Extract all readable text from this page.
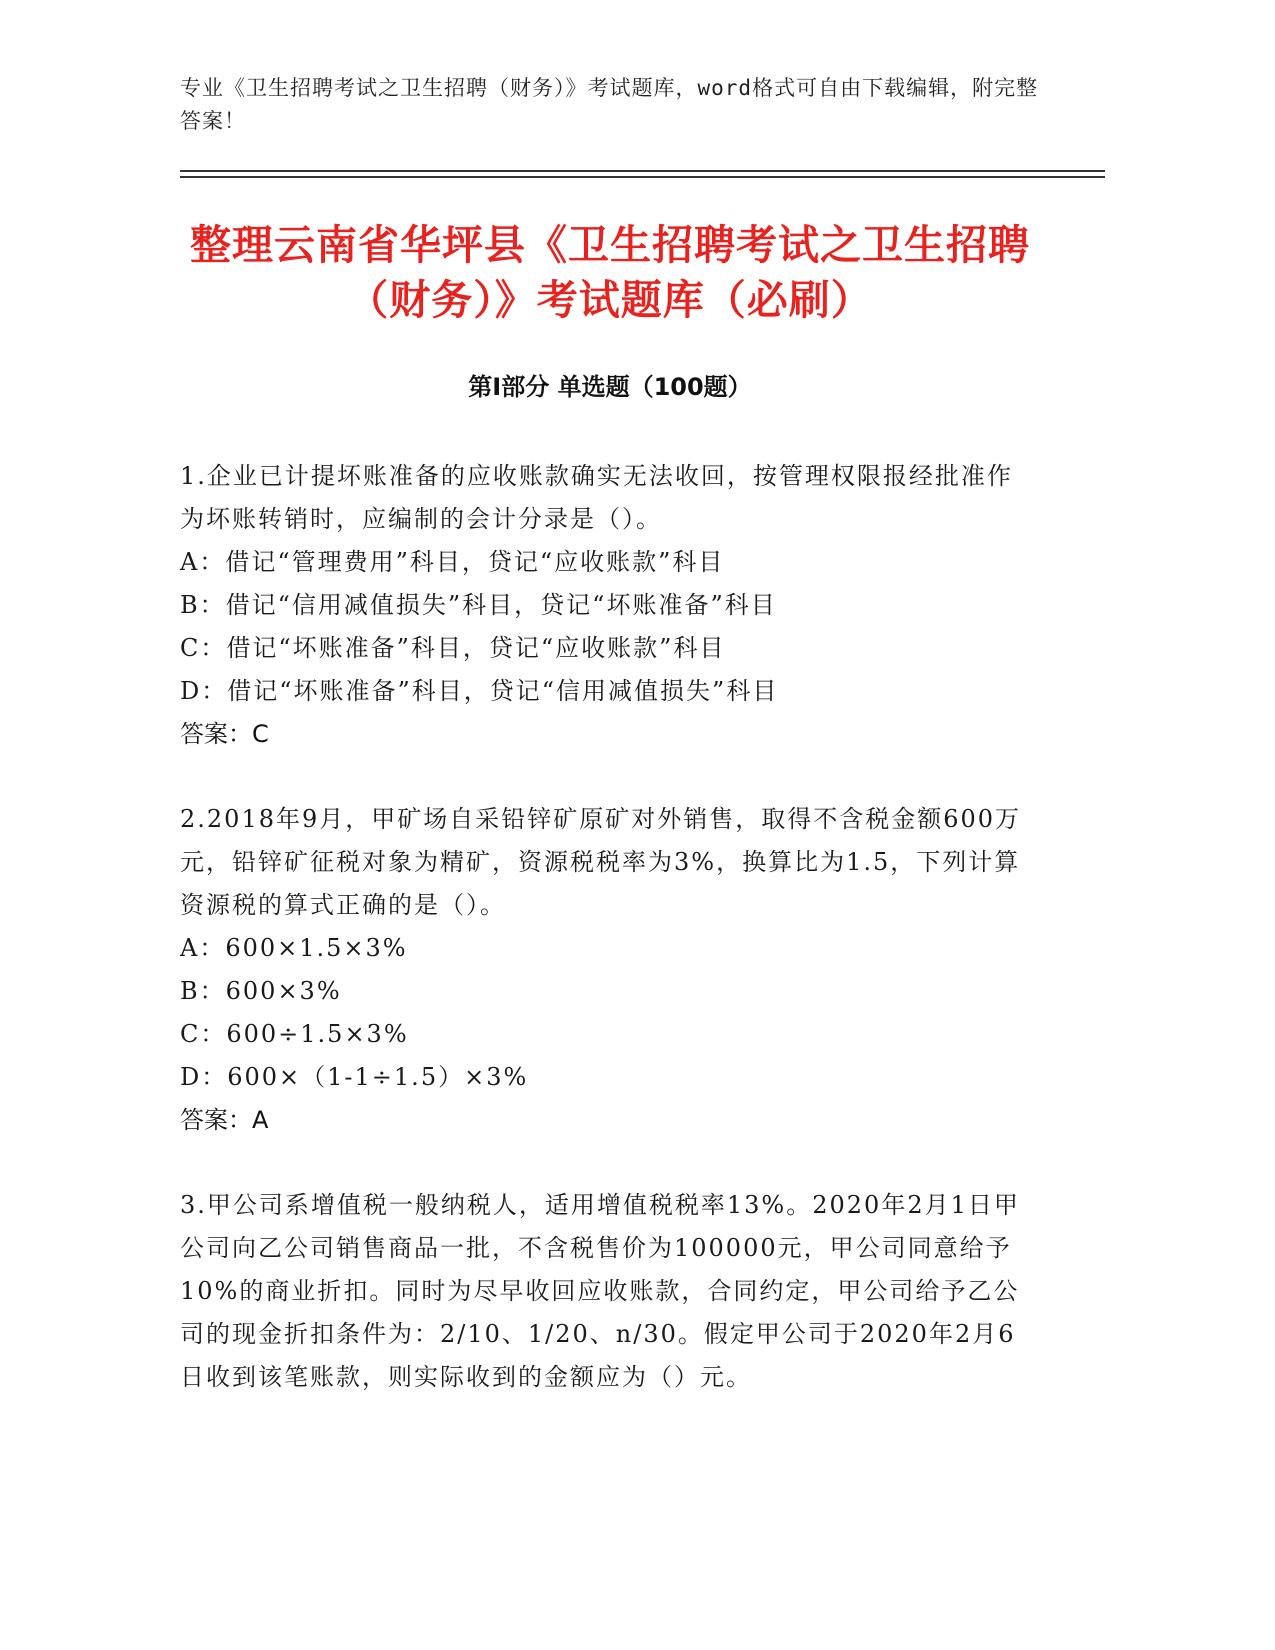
专业《卫生招聘考试之卫生招聘（财务）》考试题库，word格式可自由下载编辑，附完整答案！
整理云南省华坪县《卫生招聘考试之卫生招聘（财务）》考试题库（必刷）
第Ⅰ部分 单选题（100题）

1.企业已计提坏账准备的应收账款确实无法收回，按管理权限报经批准作为坏账转销时，应编制的会计分录是（）。

A：借记“管理费用”科目，贷记“应收账款”科目
B：借记“信用减值损失”科目，贷记“坏账准备”科目
C：借记“坏账准备”科目，贷记“应收账款”科目
D：借记“坏账准备”科目，贷记“信用减值损失”科目
答案：C

2.2018年9月，甲矿场自采铅锌矿原矿对外销售，取得不含税金额600万元，铅锌矿征税对象为精矿，资源税税率为3%，换算比为1.5，下列计算资源税的算式正确的是（）。

A：600×1.5×3%
B：600×3%
C：600÷1.5×3%
D：600×（1-1÷1.5）×3%
答案：A

3.甲公司系增值税一般纳税人，适用增值税税率13%。2020年2月1日甲公司向乙公司销售商品一批，不含税售价为100000元，甲公司同意给予10%的商业折扣。同时为尽早收回应收账款，合同约定，甲公司给予乙公司的现金折扣条件为：2/10、1/20、n/30。假定甲公司于2020年2月6日收到该笔账款，则实际收到的金额应为（）元。
